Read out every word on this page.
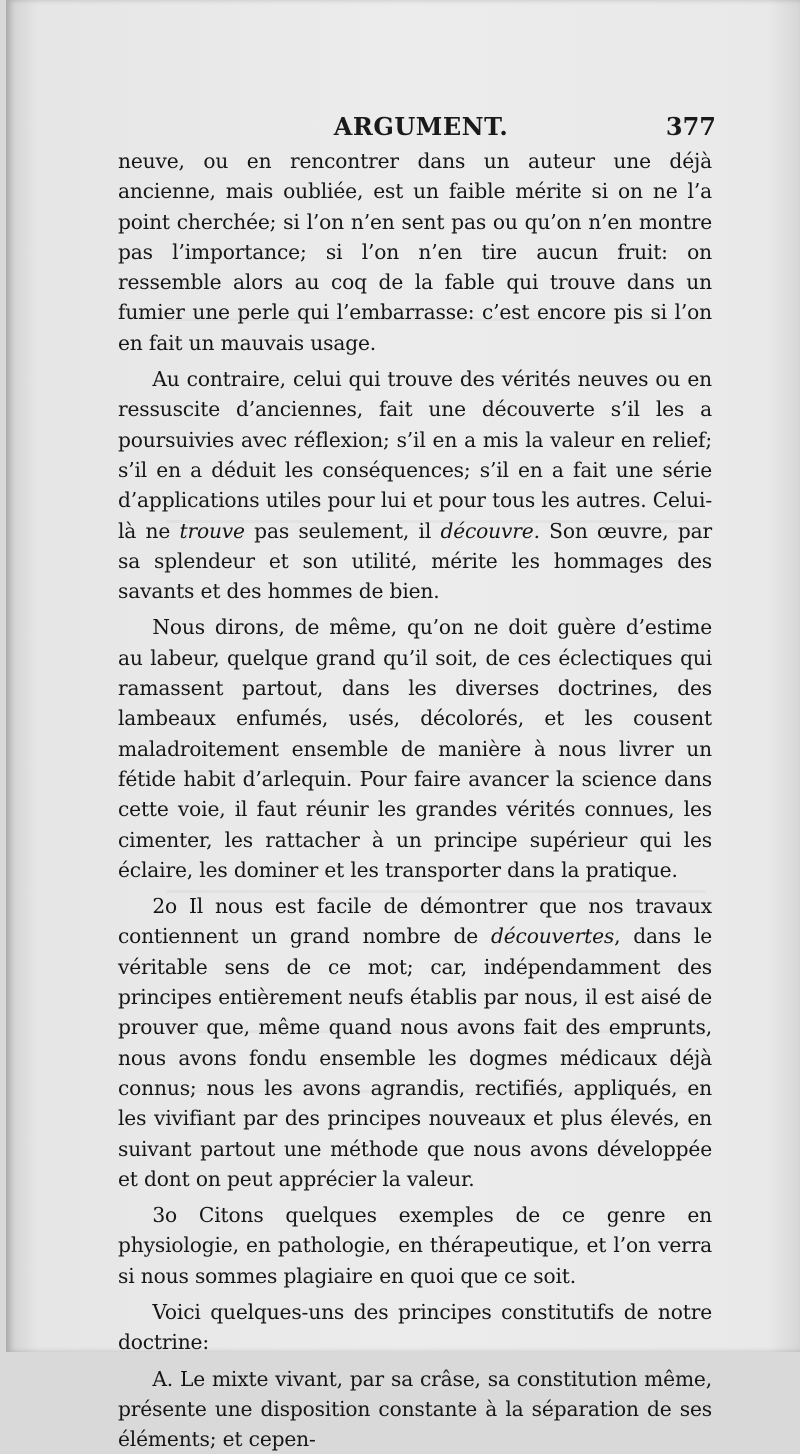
ARGUMENT.	377

neuve, ou en rencontrer dans un auteur une déjà ancienne, mais oubliée, est un faible mérite si on ne l’a point cherchée; si l’on n’en sent pas ou qu’on n’en montre pas l’importance; si l’on n’en tire aucun fruit: on ressemble alors au coq de la fable qui trouve dans un fumier une perle qui l’embarrasse: c’est encore pis si l’on en fait un mauvais usage.

Au contraire, celui qui trouve des vérités neuves ou en ressuscite d’anciennes, fait une découverte s’il les a poursuivies avec réflexion; s’il en a mis la valeur en relief; s’il en a déduit les conséquences; s’il en a fait une série d’applications utiles pour lui et pour tous les autres. Celui-là ne trouve pas seulement, il découvre. Son œuvre, par sa splendeur et son utilité, mérite les hommages des savants et des hommes de bien.

Nous dirons, de même, qu’on ne doit guère d’estime au labeur, quelque grand qu’il soit, de ces éclectiques qui ramassent partout, dans les diverses doctrines, des lambeaux enfumés, usés, décolorés, et les cousent maladroitement ensemble de manière à nous livrer un fétide habit d’arlequin. Pour faire avancer la science dans cette voie, il faut réunir les grandes vérités connues, les cimenter, les rattacher à un principe supérieur qui les éclaire, les dominer et les transporter dans la pratique.

2o Il nous est facile de démontrer que nos travaux contiennent un grand nombre de découvertes, dans le véritable sens de ce mot; car, indépendamment des principes entièrement neufs établis par nous, il est aisé de prouver que, même quand nous avons fait des emprunts, nous avons fondu ensemble les dogmes médicaux déjà connus; nous les avons agrandis, rectifiés, appliqués, en les vivifiant par des principes nouveaux et plus élevés, en suivant partout une méthode que nous avons développée et dont on peut apprécier la valeur.

3o Citons quelques exemples de ce genre en physiologie, en pathologie, en thérapeutique, et l’on verra si nous sommes plagiaire en quoi que ce soit.

Voici quelques-uns des principes constitutifs de notre doctrine:

A. Le mixte vivant, par sa crâse, sa constitution même, présente une disposition constante à la séparation de ses éléments; et cepen-
